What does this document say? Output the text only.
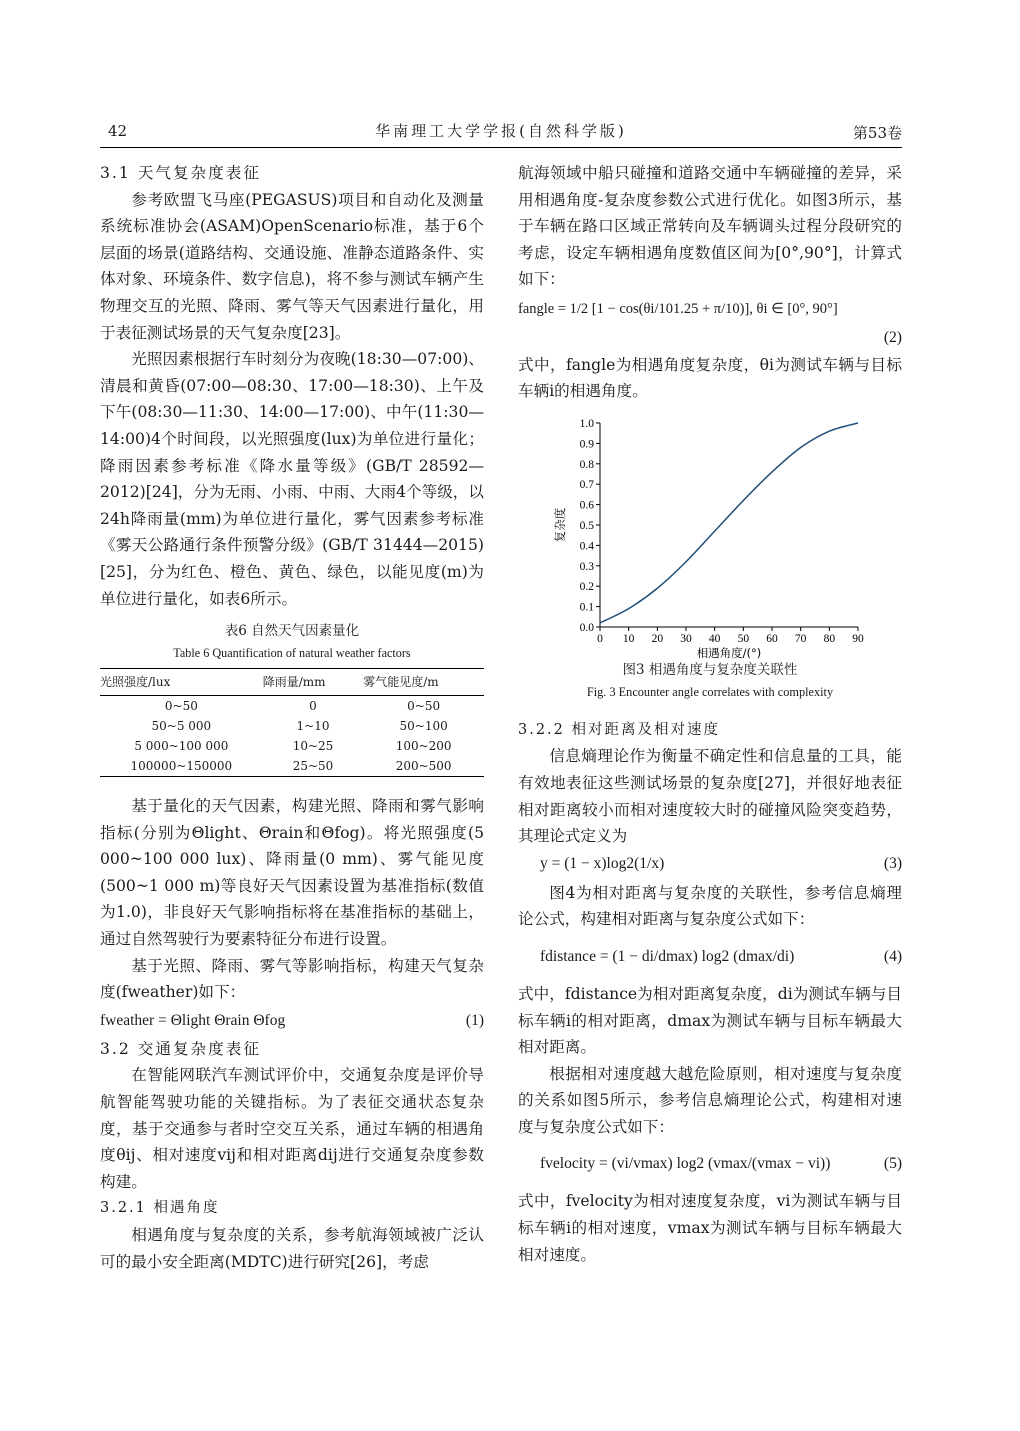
42	华南理工大学学报(自然科学版)	第53卷

3.1 天气复杂度表征

参考欧盟飞马座(PEGASUS)项目和自动化及测量系统标准协会(ASAM)OpenScenario标准，基于6个层面的场景(道路结构、交通设施、准静态道路条件、实体对象、环境条件、数字信息)，将不参与测试车辆产生物理交互的光照、降雨、雾气等天气因素进行量化，用于表征测试场景的天气复杂度[23]。

光照因素根据行车时刻分为夜晚(18:30—07:00)、清晨和黄昏(07:00—08:30、17:00—18:30)、上午及下午(08:30—11:30、14:00—17:00)、中午(11:30—14:00)4个时间段，以光照强度(lux)为单位进行量化；降雨因素参考标准《降水量等级》(GB/T 28592—2012)[24]，分为无雨、小雨、中雨、大雨4个等级，以24h降雨量(mm)为单位进行量化，雾气因素参考标准《雾天公路通行条件预警分级》(GB/T 31444—2015)[25]，分为红色、橙色、黄色、绿色，以能见度(m)为单位进行量化，如表6所示。

表6 自然天气因素量化
Table 6 Quantification of natural weather factors
光照强度/lux	降雨量/mm	雾气能见度/m
0~50	0	0~50
50~5 000	1~10	50~100
5 000~100 000	10~25	100~200
100000~150000	25~50	200~500

基于量化的天气因素，构建光照、降雨和雾气影响指标(分别为Θlight、Θrain和Θfog)。将光照强度(5 000~100 000 lux)、降雨量(0 mm)、雾气能见度(500~1 000 m)等良好天气因素设置为基准指标(数值为1.0)，非良好天气影响指标将在基准指标的基础上，通过自然驾驶行为要素特征分布进行设置。

基于光照、降雨、雾气等影响指标，构建天气复杂度(fweather)如下：

fweather = Θlight Θrain Θfog	(1)

3.2 交通复杂度表征

在智能网联汽车测试评价中，交通复杂度是评价导航智能驾驶功能的关键指标。为了表征交通状态复杂度，基于交通参与者时空交互关系，通过车辆的相遇角度θij、相对速度vij和相对距离dij进行交通复杂度参数构建。

3.2.1 相遇角度

相遇角度与复杂度的关系，参考航海领域被广泛认可的最小安全距离(MDTC)进行研究[26]，考虑

航海领域中船只碰撞和道路交通中车辆碰撞的差异，采用相遇角度-复杂度参数公式进行优化。如图3所示，基于车辆在路口区域正常转向及车辆调头过程分段研究的考虑，设定车辆相遇角度数值区间为[0°,90°]，计算式如下：

fangle = 1/2 [1 − cos(θi/101.25 + π/10)], θi ∈ [0°, 90°]
(2)

式中，fangle为相遇角度复杂度，θi为测试车辆与目标车辆i的相遇角度。

0.0
0.1
0.2
0.3
0.4
0.5
0.6
0.7
0.8
0.9
1.0
0 10 20 30 40 50 60 70 80 90
相遇角度/(°)
复杂度
图3 相遇角度与复杂度关联性
Fig. 3 Encounter angle correlates with complexity

3.2.2 相对距离及相对速度

信息熵理论作为衡量不确定性和信息量的工具，能有效地表征这些测试场景的复杂度[27]，并很好地表征相对距离较小而相对速度较大时的碰撞风险突变趋势，其理论式定义为

y = (1 − x)log2(1/x)	(3)

图4为相对距离与复杂度的关联性，参考信息熵理论公式，构建相对距离与复杂度公式如下：

fdistance = (1 − di/dmax) log2 (dmax/di)	(4)

式中，fdistance为相对距离复杂度，di为测试车辆与目标车辆i的相对距离，dmax为测试车辆与目标车辆最大相对距离。

根据相对速度越大越危险原则，相对速度与复杂度的关系如图5所示，参考信息熵理论公式，构建相对速度与复杂度公式如下：

fvelocity = (vi/vmax) log2 (vmax/(vmax − vi))	(5)

式中，fvelocity为相对速度复杂度，vi为测试车辆与目标车辆i的相对速度，vmax为测试车辆与目标车辆最大相对速度。
